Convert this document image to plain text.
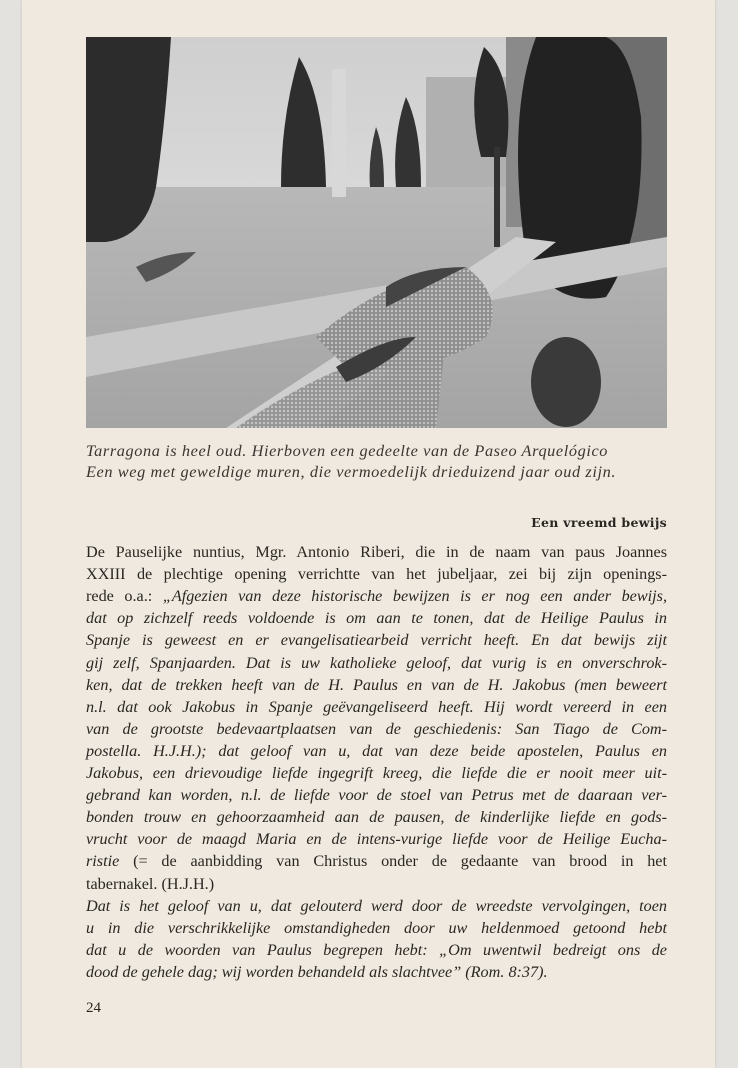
Tarragona is heel oud. Hierboven een gedeelte van de Paseo Arquelógico
Een weg met geweldige muren, die vermoedelijk drieduizend jaar oud zijn.
Een vreemd bewijs
De Pauselijke nuntius, Mgr. Antonio Riberi, die in de naam van paus Joannes
XXIII de plechtige opening verrichtte van het jubeljaar, zei bij zijn openings-
rede o.a.: „Afgezien van deze historische bewijzen is er nog een ander bewijs,
dat op zichzelf reeds voldoende is om aan te tonen, dat de Heilige Paulus in
Spanje is geweest en er evangelisatiearbeid verricht heeft. En dat bewijs zijt
gij zelf, Spanjaarden. Dat is uw katholieke geloof, dat vurig is en onverschrok-
ken, dat de trekken heeft van de H. Paulus en van de H. Jakobus (men beweert
n.l. dat ook Jakobus in Spanje geëvangeliseerd heeft. Hij wordt vereerd in een
van de grootste bedevaartplaatsen van de geschiedenis: San Tiago de Com-
postella. H.J.H.); dat geloof van u, dat van deze beide apostelen, Paulus en
Jakobus, een drievoudige liefde ingegrift kreeg, die liefde die er nooit meer uit-
gebrand kan worden, n.l. de liefde voor de stoel van Petrus met de daaraan ver-
bonden trouw en gehoorzaamheid aan de pausen, de kinderlijke liefde en gods-
vrucht voor de maagd Maria en de intens-vurige liefde voor de Heilige Eucha-
ristie (= de aanbidding van Christus onder de gedaante van brood in het
tabernakel. (H.J.H.)
Dat is het geloof van u, dat gelouterd werd door de wreedste vervolgingen, toen
u in die verschrikkelijke omstandigheden door uw heldenmoed getoond hebt
dat u de woorden van Paulus begrepen hebt: „Om uwentwil bedreigt ons de
dood de gehele dag; wij worden behandeld als slachtvee” (Rom. 8:37).
24
